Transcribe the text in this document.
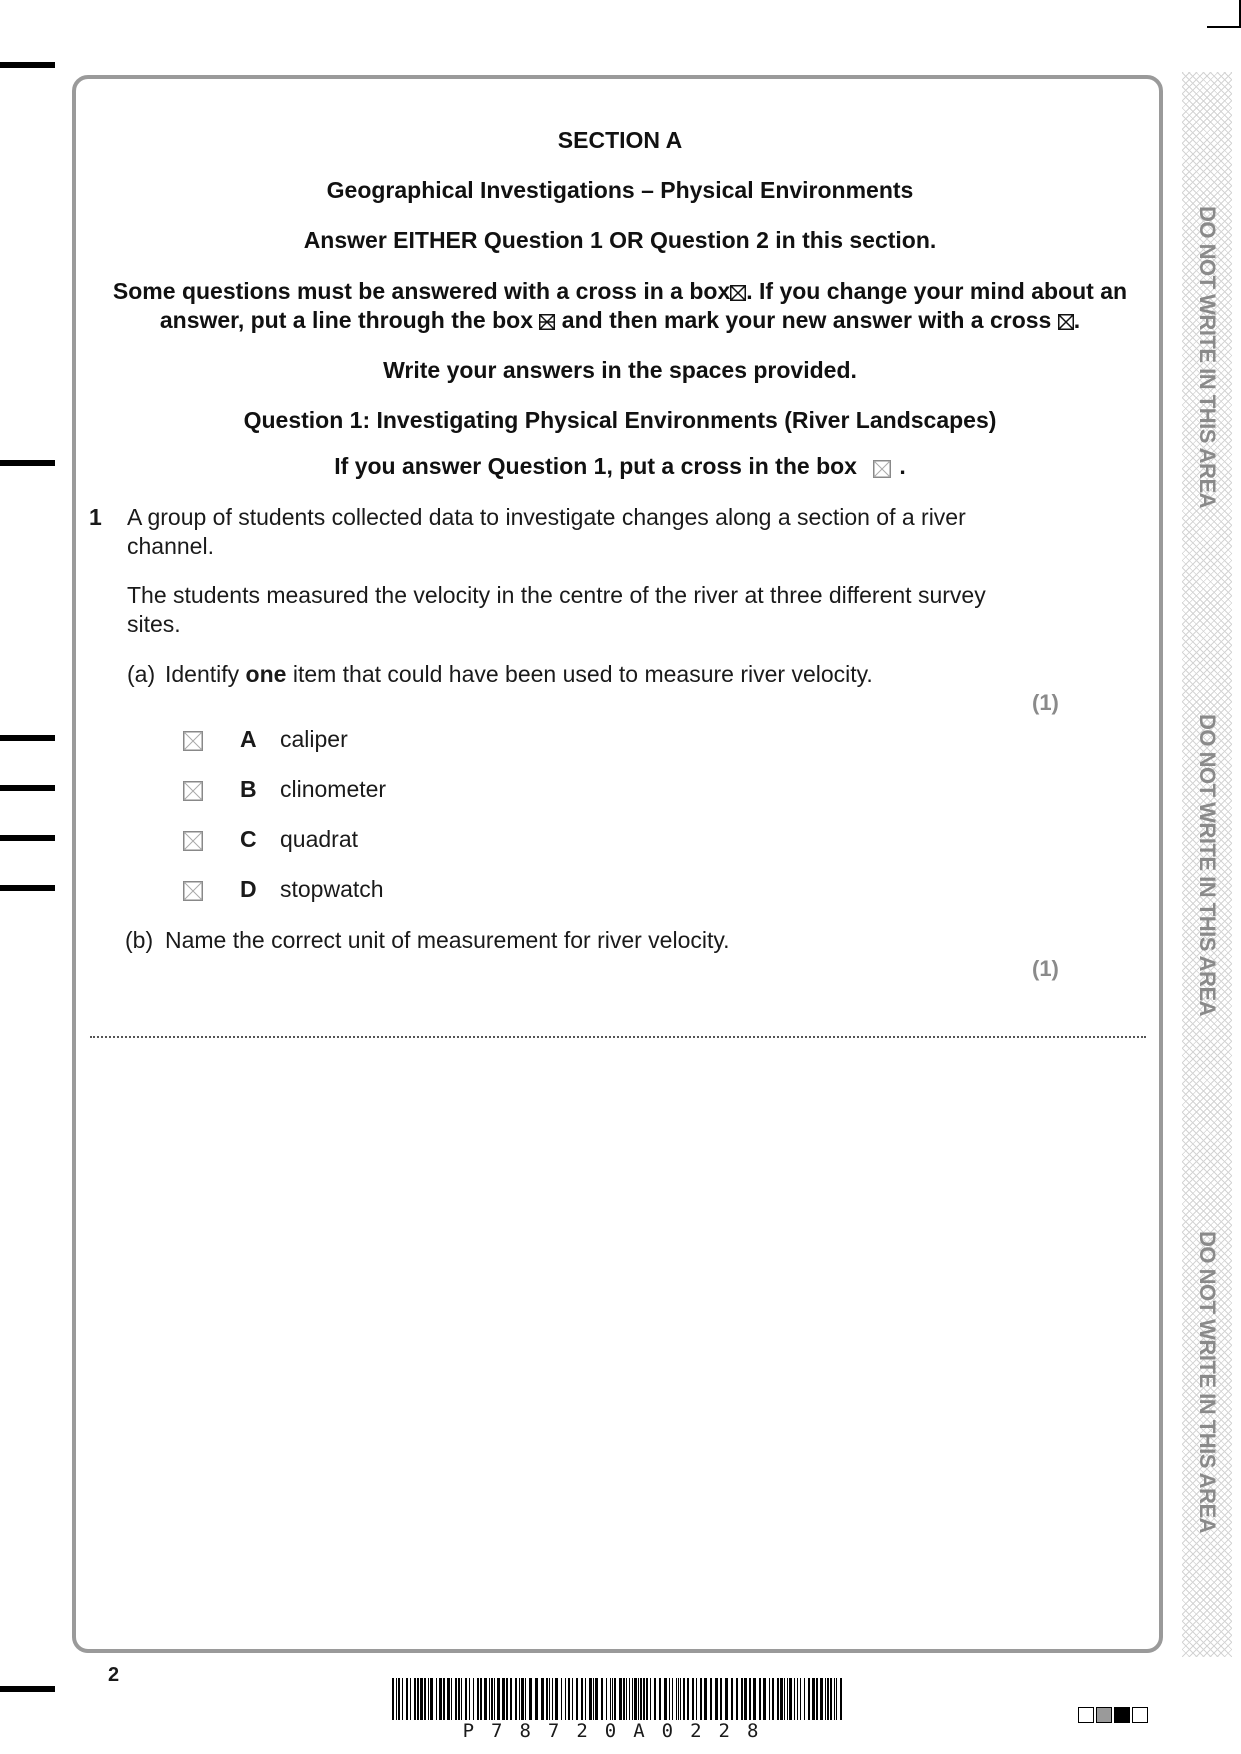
DO NOT WRITE IN THIS AREA
DO NOT WRITE IN THIS AREA
DO NOT WRITE IN THIS AREA
SECTION A
Geographical Investigations – Physical Environments
Answer EITHER Question 1 OR Question 2 in this section.
Some questions must be answered with a cross in a box☒. If you change your mind about an
answer, put a line through the box and then mark your new answer with a cross ☒.
Write your answers in the spaces provided.
Question 1: Investigating Physical Environments (River Landscapes)
If you answer Question 1, put a cross in the box .
1 A group of students collected data to investigate changes along a section of a river channel.
The students measured the velocity in the centre of the river at three different survey sites.
(a) Identify one item that could have been used to measure river velocity.
(1)
A caliper
B clinometer
C quadrat
D stopwatch
(b) Name the correct unit of measurement for river velocity.
(1)
2
P78720A0228
